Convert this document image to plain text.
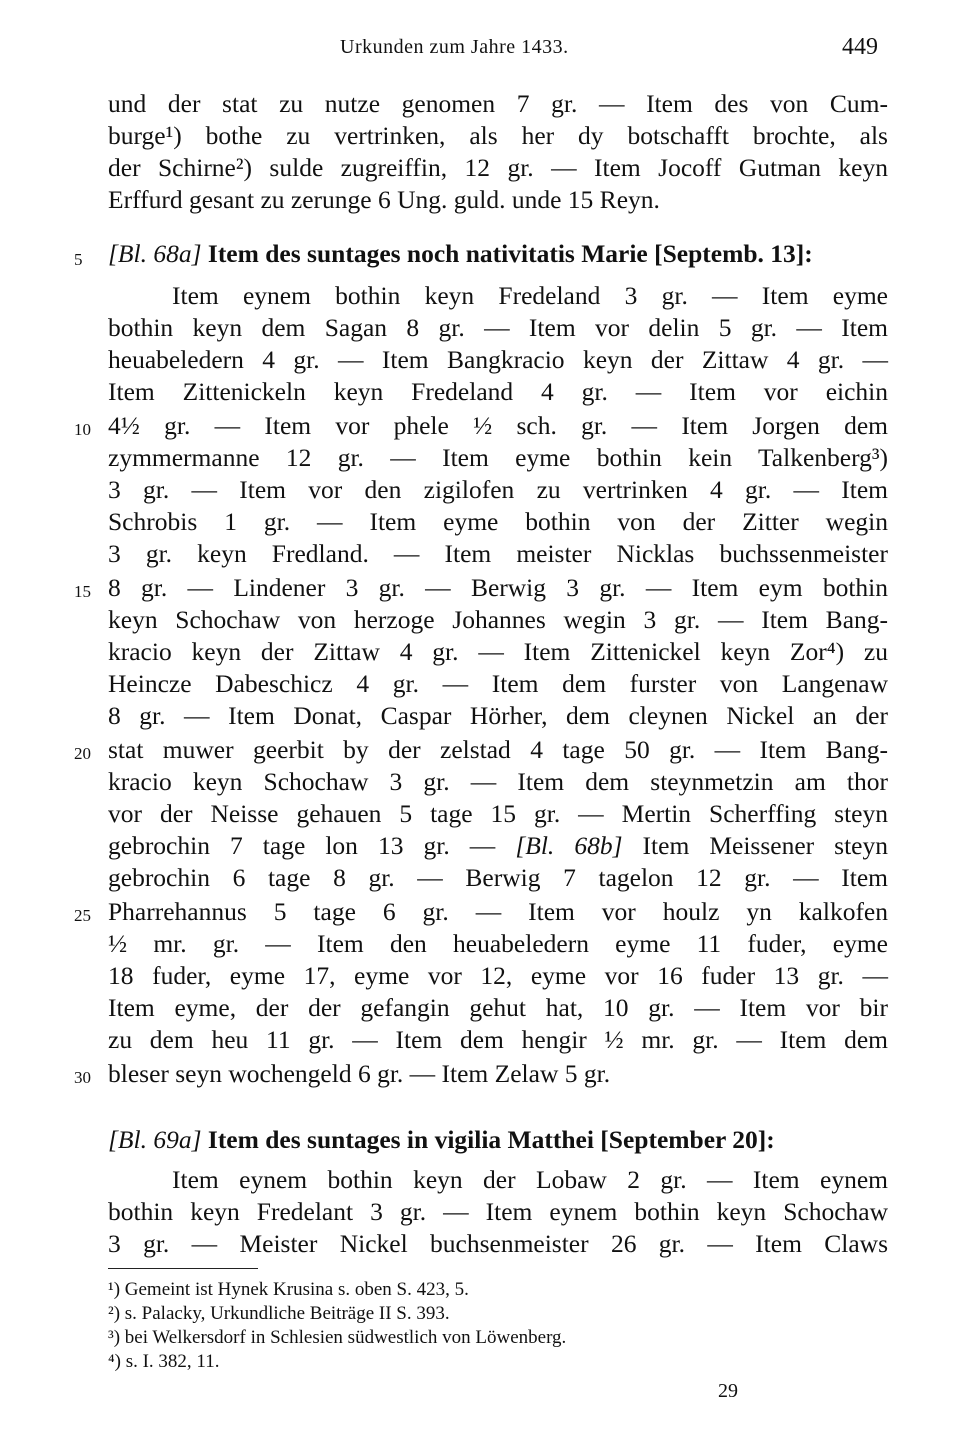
Urkunden zum Jahre 1433.	449
und der stat zu nutze genomen 7 gr. — Item des von Cum-
burge¹) bothe zu vertrinken, als her dy botschafft brochte, als
der Schirne²) sulde zugreiffin, 12 gr. — Item Jocoff Gutman keyn
Erffurd gesant zu zerunge 6 Ung. guld. unde 15 Reyn.
[Bl. 68a] Item des suntages noch nativitatis Marie [Septemb. 13]:
Item eynem bothin keyn Fredeland 3 gr. — Item eyme
bothin keyn dem Sagan 8 gr. — Item vor delin 5 gr. — Item
heuabeledern 4 gr. — Item Bangkracio keyn der Zittaw 4 gr. —
Item Zittenickeln keyn Fredeland 4 gr. — Item vor eichin
4½ gr. — Item vor phele ½ sch. gr. — Item Jorgen dem
zymmermanne 12 gr. — Item eyme bothin kein Talkenberg³)
3 gr. — Item vor den zigilofen zu vertrinken 4 gr. — Item
Schrobis 1 gr. — Item eyme bothin von der Zitter wegin
3 gr. keyn Fredland. — Item meister Nicklas buchssenmeister
8 gr. — Lindener 3 gr. — Berwig 3 gr. — Item eym bothin
keyn Schochaw von herzoge Johannes wegin 3 gr. — Item Bang-
kracio keyn der Zittaw 4 gr. — Item Zittenickel keyn Zor⁴) zu
Heincze Dabeschicz 4 gr. — Item dem furster von Langenaw
8 gr. — Item Donat, Caspar Hörher, dem cleynen Nickel an der
stat muwer geerbit by der zelstad 4 tage 50 gr. — Item Bang-
kracio keyn Schochaw 3 gr. — Item dem steynmetzin am thor
vor der Neisse gehauen 5 tage 15 gr. — Mertin Scherffing steyn
gebrochin 7 tage lon 13 gr. — [Bl. 68b] Item Meissener steyn
gebrochin 6 tage 8 gr. — Berwig 7 tagelon 12 gr. — Item
Pharrehannus 5 tage 6 gr. — Item vor houlz yn kalkofen
½ mr. gr. — Item den heuabeledern eyme 11 fuder, eyme
18 fuder, eyme 17, eyme vor 12, eyme vor 16 fuder 13 gr. —
Item eyme, der der gefangin gehut hat, 10 gr. — Item vor bir
zu dem heu 11 gr. — Item dem hengir ½ mr. gr. — Item dem
bleser seyn wochengeld 6 gr. — Item Zelaw 5 gr.
[Bl. 69a] Item des suntages in vigilia Matthei [September 20]:
Item eynem bothin keyn der Lobaw 2 gr. — Item eynem
bothin keyn Fredelant 3 gr. — Item eynem bothin keyn Schochaw
3 gr. — Meister Nickel buchsenmeister 26 gr. — Item Claws
5
10
15
20
25
30
¹) Gemeint ist Hynek Krusina s. oben S. 423, 5.
²) s. Palacky, Urkundliche Beiträge II S. 393.
³) bei Welkersdorf in Schlesien südwestlich von Löwenberg.
⁴) s. I. 382, 11.
29
